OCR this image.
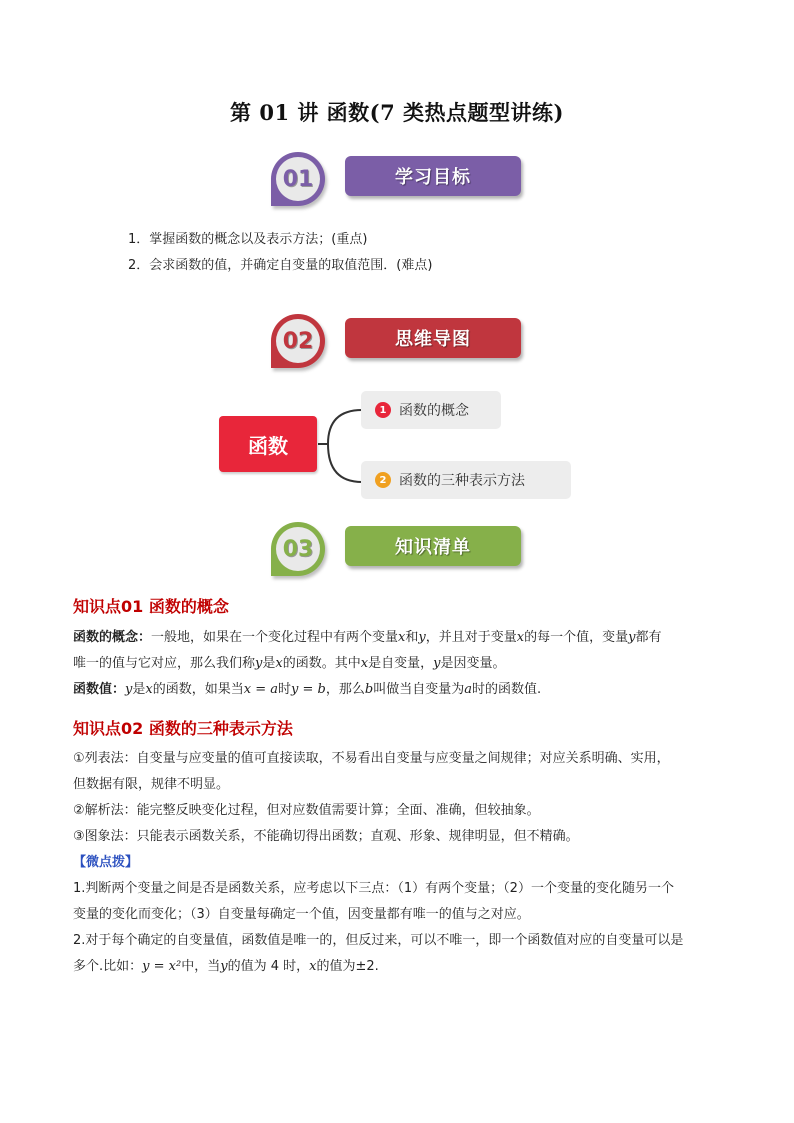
第 01 讲 函数(7 类热点题型讲练)
01	学习目标
1．掌握函数的概念以及表示方法；(重点)
2．会求函数的值，并确定自变量的取值范围．(难点)
02	思维导图
函数
1 函数的概念
2 函数的三种表示方法
03	知识清单
知识点01 函数的概念
函数的概念：一般地，如果在一个变化过程中有两个变量x和y，并且对于变量x的每一个值，变量y都有
唯一的值与它对应，那么我们称y是x的函数。其中x是自变量，y是因变量。
函数值：y是x的函数，如果当x = a时y = b，那么b叫做当自变量为a时的函数值.
知识点02 函数的三种表示方法
①列表法：自变量与应变量的值可直接读取，不易看出自变量与应变量之间规律；对应关系明确、实用，
但数据有限，规律不明显。
②解析法：能完整反映变化过程，但对应数值需要计算；全面、准确，但较抽象。
③图象法：只能表示函数关系，不能确切得出函数；直观、形象、规律明显，但不精确。
【微点拨】
1.判断两个变量之间是否是函数关系，应考虑以下三点：（1）有两个变量；（2）一个变量的变化随另一个
变量的变化而变化；（3）自变量每确定一个值，因变量都有唯一的值与之对应。
2.对于每个确定的自变量值，函数值是唯一的，但反过来，可以不唯一，即一个函数值对应的自变量可以是
多个.比如：y = x²中，当y的值为 4 时，x的值为±2.
